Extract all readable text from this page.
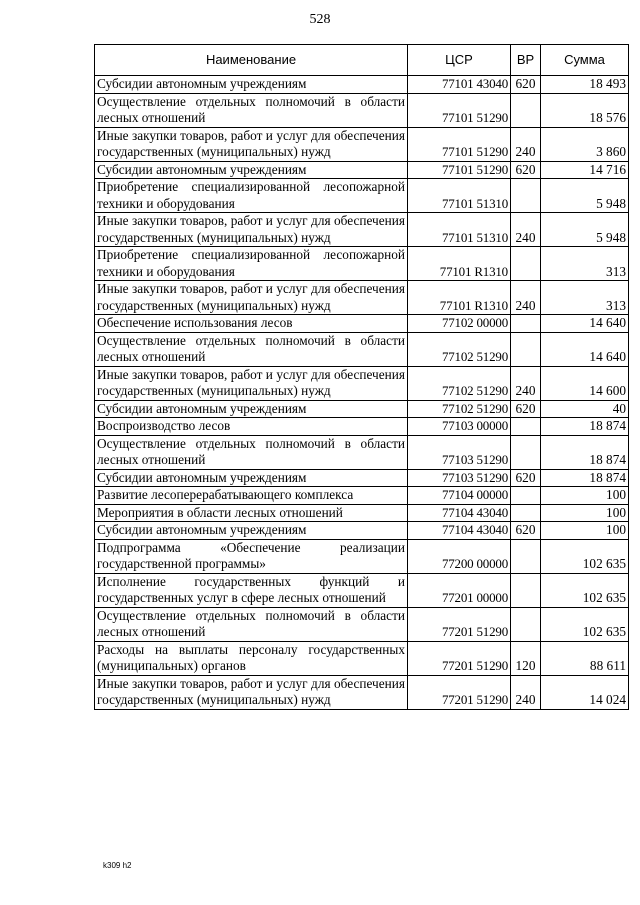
528
Наименование	ЦСР	ВР	Сумма
Субсидии автономным учреждениям	77101 43040	620	18 493
Осуществление отдельных полномочий в области лесных отношений	77101 51290		18 576
Иные закупки товаров, работ и услуг для обеспечения государственных (муниципальных) нужд	77101 51290	240	3 860
Субсидии автономным учреждениям	77101 51290	620	14 716
Приобретение специализированной лесопожарной техники и оборудования	77101 51310		5 948
Иные закупки товаров, работ и услуг для обеспечения государственных (муниципальных) нужд	77101 51310	240	5 948
Приобретение специализированной лесопожарной техники и оборудования	77101 R1310		313
Иные закупки товаров, работ и услуг для обеспечения государственных (муниципальных) нужд	77101 R1310	240	313
Обеспечение использования лесов	77102 00000		14 640
Осуществление отдельных полномочий в области лесных отношений	77102 51290		14 640
Иные закупки товаров, работ и услуг для обеспечения государственных (муниципальных) нужд	77102 51290	240	14 600
Субсидии автономным учреждениям	77102 51290	620	40
Воспроизводство лесов	77103 00000		18 874
Осуществление отдельных полномочий в области лесных отношений	77103 51290		18 874
Субсидии автономным учреждениям	77103 51290	620	18 874
Развитие лесоперерабатывающего комплекса	77104 00000		100
Мероприятия в области лесных отношений	77104 43040		100
Субсидии автономным учреждениям	77104 43040	620	100
Подпрограмма «Обеспечение реализации государственной программы»	77200 00000		102 635
Исполнение государственных функций и государственных услуг в сфере лесных отношений	77201 00000		102 635
Осуществление отдельных полномочий в области лесных отношений	77201 51290		102 635
Расходы на выплаты персоналу государственных (муниципальных) органов	77201 51290	120	88 611
Иные закупки товаров, работ и услуг для обеспечения государственных (муниципальных) нужд	77201 51290	240	14 024
k309 h2
